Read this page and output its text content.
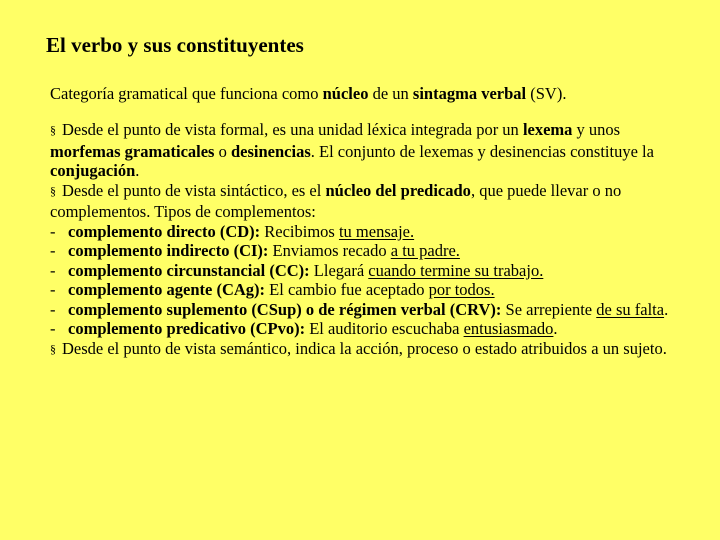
El verbo y sus constituyentes
Categoría gramatical que funciona como núcleo de un sintagma verbal (SV).

§ Desde el punto de vista formal, es una unidad léxica integrada por un lexema y unos morfemas gramaticales o desinencias. El conjunto de lexemas y desinencias constituye la conjugación.

§ Desde el punto de vista sintáctico, es el núcleo del predicado, que puede llevar o no complementos. Tipos de complementos:

- complemento directo (CD): Recibimos tu mensaje.

- complemento indirecto (CI): Enviamos recado a tu padre.

- complemento circunstancial (CC): Llegará cuando termine su trabajo.

- complemento agente (CAg): El cambio fue aceptado por todos.

- complemento suplemento (CSup) o de régimen verbal (CRV): Se arrepiente de su falta.

- complemento predicativo (CPvo): El auditorio escuchaba entusiasmado.

§ Desde el punto de vista semántico, indica la acción, proceso o estado atribuidos a un sujeto.
